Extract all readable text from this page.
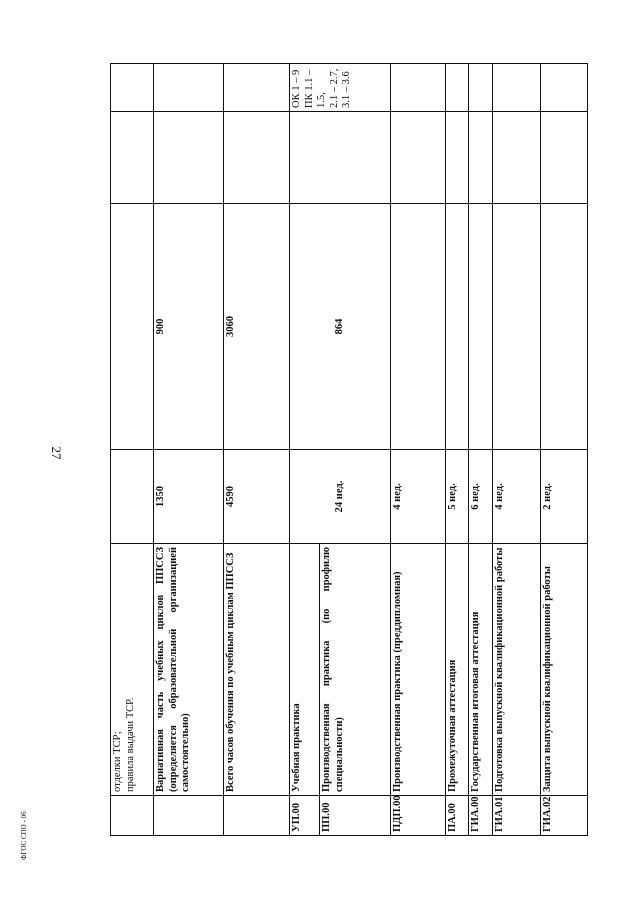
27
	отделки ТСР;
правила выдачи ТСР.				
	Вариативная часть учебных циклов ППССЗ (определяется образовательной организацией самостоятельно)	1350	900		
	Всего часов обучения по учебным циклам ППССЗ	4590	3060		
УП.00	Учебная практика	24 нед.	864		ОК 1 – 9
ПК 1.1 – 1.5,
2.1 – 2.7,
3.1 – 3.6
ПП.00	Производственная практика (по профилю специальности)				
ПДП.00	Производственная практика (преддипломная)	4 нед.			
ПА.00	Промежуточная аттестация	5 нед.			
ГИА.00	Государственная итоговая аттестация	6 нед.			
ГИА.01	Подготовка выпускной квалификационной работы	4 нед.			
ГИА.02	Защита выпускной квалификационной работы	2 нед.			
ФГОС СПО - 06
